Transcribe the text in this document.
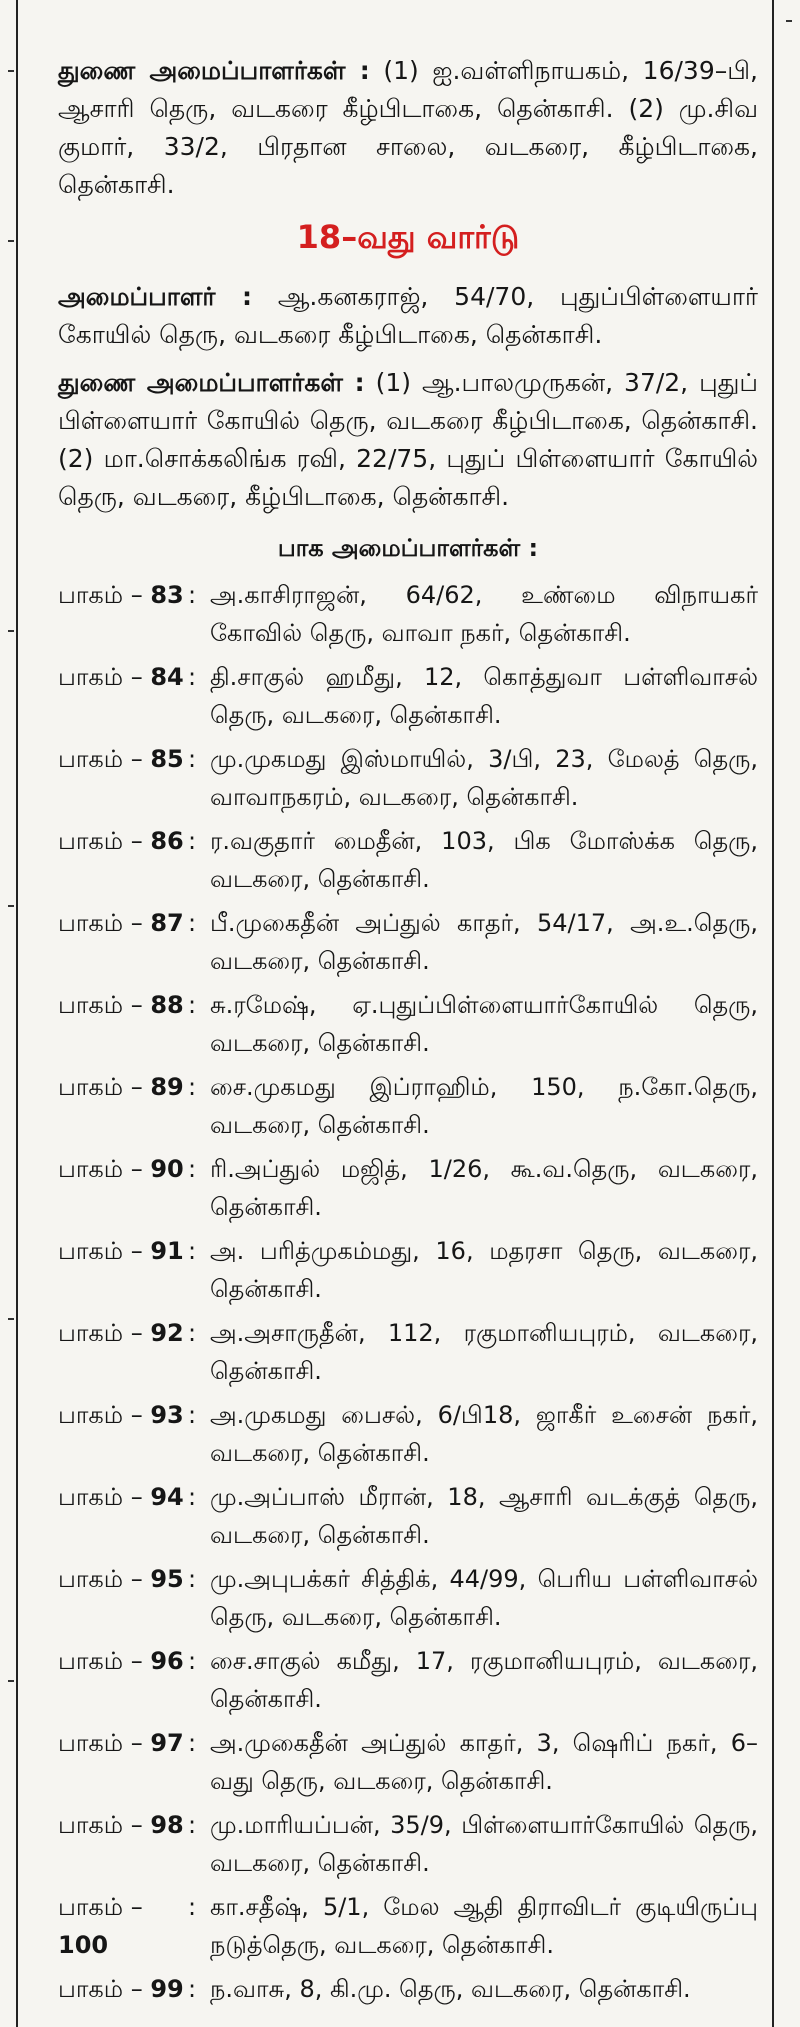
துணை அமைப்பாளர்கள் : (1) ஐ.வள்ளிநாயகம், 16/39–பி, ஆசாரி தெரு, வடகரை கீழ்பிடாகை, தென்காசி. (2) மு.சிவ குமார், 33/2, பிரதான சாலை, வடகரை, கீழ்பிடாகை, தென்காசி.

18–வது வார்டு

அமைப்பாளர் : ஆ.கனகராஜ், 54/70, புதுப்பிள்ளையார் கோயில் தெரு, வடகரை கீழ்பிடாகை, தென்காசி.

துணை அமைப்பாளர்கள் : (1) ஆ.பாலமுருகன், 37/2, புதுப் பிள்ளையார் கோயில் தெரு, வடகரை கீழ்பிடாகை, தென்காசி. (2) மா.சொக்கலிங்க ரவி, 22/75, புதுப் பிள்ளையார் கோயில் தெரு, வடகரை, கீழ்பிடாகை, தென்காசி.

பாக அமைப்பாளர்கள் :
பாகம் – 83 : அ.காசிராஜன், 64/62, உண்மை விநாயகர் கோவில் தெரு, வாவா நகர், தென்காசி.
பாகம் – 84 : தி.சாகுல் ஹமீது, 12, கொத்துவா பள்ளிவாசல் தெரு, வடகரை, தென்காசி.
பாகம் – 85 : மு.முகமது இஸ்மாயில், 3/பி, 23, மேலத் தெரு, வாவாநகரம், வடகரை, தென்காசி.
பாகம் – 86 : ர.வகுதார் மைதீன், 103, பிக மோஸ்க்க தெரு, வடகரை, தென்காசி.
பாகம் – 87 : பீ.முகைதீன் அப்துல் காதர், 54/17, அ.உ.தெரு, வடகரை, தென்காசி.
பாகம் – 88 : சு.ரமேஷ், ஏ.புதுப்பிள்ளையார்கோயில் தெரு, வடகரை, தென்காசி.
பாகம் – 89 : சை.முகமது இப்ராஹிம், 150, ந.கோ.தெரு, வடகரை, தென்காசி.
பாகம் – 90 : ரி.அப்துல் மஜித், 1/26, கூ.வ.தெரு, வடகரை, தென்காசி.
பாகம் – 91 : அ. பரித்முகம்மது, 16, மதரசா தெரு, வடகரை, தென்காசி.
பாகம் – 92 : அ.அசாருதீன், 112, ரகுமானியபுரம், வடகரை, தென்காசி.
பாகம் – 93 : அ.முகமது பைசல், 6/பி18, ஜாகீர் உசைன் நகர், வடகரை, தென்காசி.
பாகம் – 94 : மு.அப்பாஸ் மீரான், 18, ஆசாரி வடக்குத் தெரு, வடகரை, தென்காசி.
பாகம் – 95 : மு.அபுபக்கர் சித்திக், 44/99, பெரிய பள்ளிவாசல் தெரு, வடகரை, தென்காசி.
பாகம் – 96 : சை.சாகுல் கமீது, 17, ரகுமானியபுரம், வடகரை, தென்காசி.
பாகம் – 97 : அ.முகைதீன் அப்துல் காதர், 3, ஷெரிப் நகர், 6–வது தெரு, வடகரை, தென்காசி.
பாகம் – 98 : மு.மாரியப்பன், 35/9, பிள்ளையார்கோயில் தெரு, வடகரை, தென்காசி.
பாகம் – 100
: கா.சதீஷ், 5/1, மேல ஆதி திராவிடர் குடியிருப்பு நடுத்தெரு, வடகரை, தென்காசி.
பாகம் – 99 : ந.வாசு, 8, கி.மு. தெரு, வடகரை, தென்காசி.
